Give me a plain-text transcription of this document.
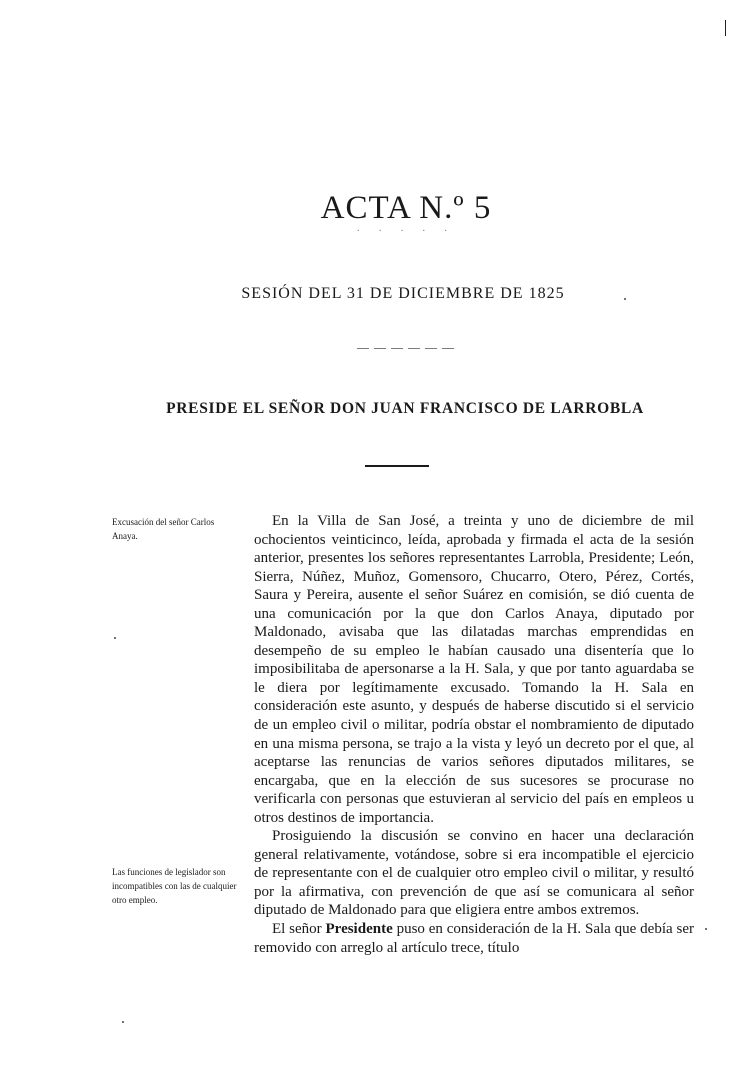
ACTA N.º 5
· · · · ·
SESIÓN DEL 31 DE DICIEMBRE DE 1825
— — — — — —
PRESIDE EL SEÑOR DON JUAN FRANCISCO DE LARROBLA
Excusación del señor Carlos Anaya.
Las funciones de legislador son incompatibles con las de cualquier otro empleo.

En la Villa de San José, a treinta y uno de diciembre de mil ochocientos veinticinco, leída, aprobada y firmada el acta de la sesión anterior, presentes los señores representantes Larrobla, Presidente; León, Sierra, Núñez, Muñoz, Gomensoro, Chucarro, Otero, Pérez, Cortés, Saura y Pereira, ausente el señor Suárez en comisión, se dió cuenta de una comunicación por la que don Carlos Anaya, diputado por Maldonado, avisaba que las dilatadas marchas emprendidas en desempeño de su empleo le habían causado una disentería que lo imposibilitaba de apersonarse a la H. Sala, y que por tanto aguardaba se le diera por legítimamente excusado. Tomando la H. Sala en consideración este asunto, y después de haberse discutido si el servicio de un empleo civil o militar, podría obstar el nombramiento de diputado en una misma persona, se trajo a la vista y leyó un decreto por el que, al aceptarse las renuncias de varios señores diputados militares, se encargaba, que en la elección de sus sucesores se procurase no verificarla con personas que estuvieran al servicio del país en empleos u otros destinos de importancia.

Prosiguiendo la discusión se convino en hacer una declaración general relativamente, votándose, sobre si era incompatible el ejercicio de representante con el de cualquier otro empleo civil o militar, y resultó por la afirmativa, con prevención de que así se comunicara al señor diputado de Maldonado para que eligiera entre ambos extremos.

El señor Presidente puso en consideración de la H. Sala que debía ser removido con arreglo al artículo trece, título
